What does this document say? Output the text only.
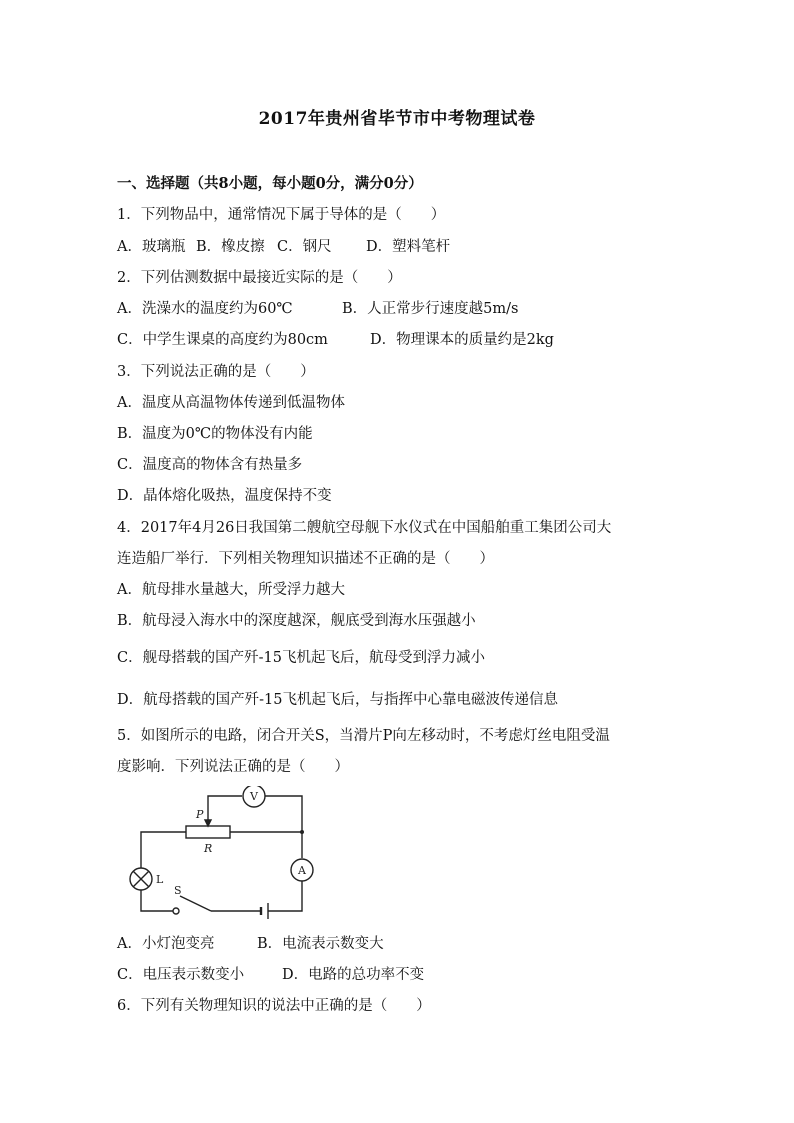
2017年贵州省毕节市中考物理试卷
一、选择题（共8小题，每小题0分，满分0分）
1．下列物品中，通常情况下属于导体的是（　　）
A．玻璃瓶 B．橡皮擦 C．钢尺 D．塑料笔杆
2．下列估测数据中最接近实际的是（　　）
A．洗澡水的温度约为60℃	B．人正常步行速度越5m/s
C．中学生课桌的高度约为80cm	D．物理课本的质量约是2kg
3．下列说法正确的是（　　）
A．温度从高温物体传递到低温物体
B．温度为0℃的物体没有内能
C．温度高的物体含有热量多
D．晶体熔化吸热，温度保持不变
4．2017年4月26日我国第二艘航空母舰下水仪式在中国船舶重工集团公司大
连造船厂举行．下列相关物理知识描述不正确的是（　　）
A．航母排水量越大，所受浮力越大
B．航母浸入海水中的深度越深，舰底受到海水压强越小
C．舰母搭载的国产歼-15飞机起飞后，航母受到浮力减小
D．航母搭载的国产歼-15飞机起飞后，与指挥中心靠电磁波传递信息
5．如图所示的电路，闭合开关S，当滑片P向左移动时，不考虑灯丝电阻受温
度影响．下列说法正确的是（　　）
P
R
V
A
L
S
A．小灯泡变亮	B．电流表示数变大
C．电压表示数变小	D．电路的总功率不变
6．下列有关物理知识的说法中正确的是（　　）
